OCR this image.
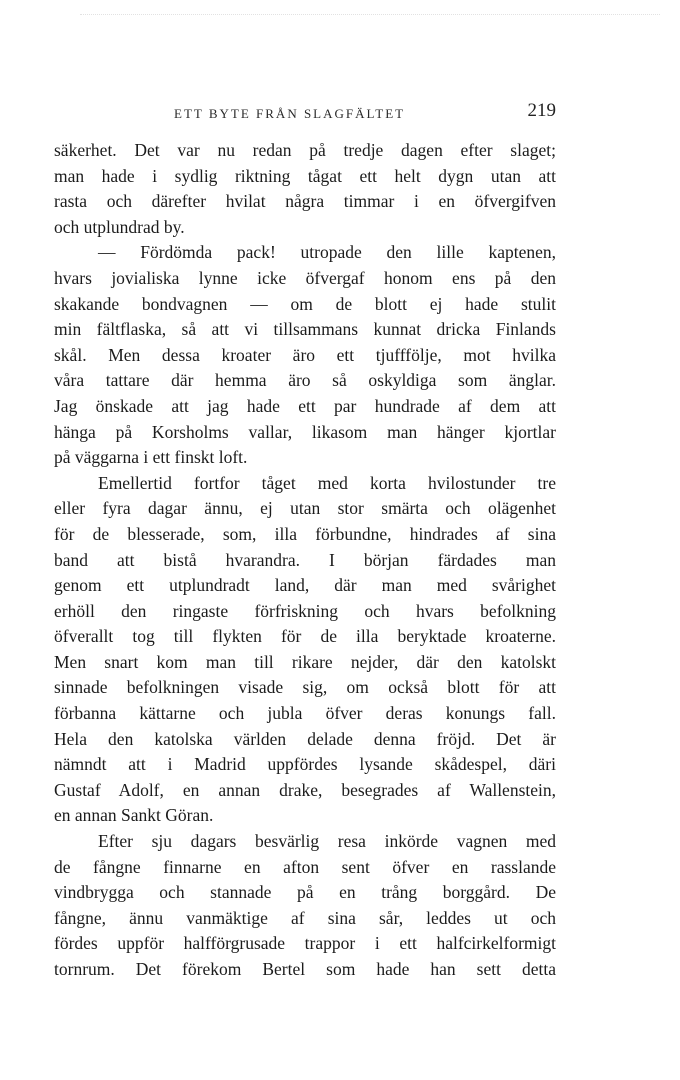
ETT BYTE FRÅN SLAGFÄLTET	219
säkerhet. Det var nu redan på tredje dagen efter slaget;
man hade i sydlig riktning tågat ett helt dygn utan att
rasta och därefter hvilat några timmar i en öfvergifven
och utplundrad by.
— Fördömda pack! utropade den lille kaptenen,
hvars jovialiska lynne icke öfvergaf honom ens på den
skakande bondvagnen — om de blott ej hade stulit
min fältflaska, så att vi tillsammans kunnat dricka Finlands
skål. Men dessa kroater äro ett tjufffölje, mot hvilka
våra tattare där hemma äro så oskyldiga som änglar.
Jag önskade att jag hade ett par hundrade af dem att
hänga på Korsholms vallar, likasom man hänger kjortlar
på väggarna i ett finskt loft.
Emellertid fortfor tåget med korta hvilostunder tre
eller fyra dagar ännu, ej utan stor smärta och olägenhet
för de blesserade, som, illa förbundne, hindrades af sina
band att bistå hvarandra. I början färdades man
genom ett utplundradt land, där man med svårighet
erhöll den ringaste förfriskning och hvars befolkning
öfverallt tog till flykten för de illa beryktade kroaterne.
Men snart kom man till rikare nejder, där den katolskt
sinnade befolkningen visade sig, om också blott för att
förbanna kättarne och jubla öfver deras konungs fall.
Hela den katolska världen delade denna fröjd. Det är
nämndt att i Madrid uppfördes lysande skådespel, däri
Gustaf Adolf, en annan drake, besegrades af Wallenstein,
en annan Sankt Göran.
Efter sju dagars besvärlig resa inkörde vagnen med
de fångne finnarne en afton sent öfver en rasslande
vindbrygga och stannade på en trång borggård. De
fångne, ännu vanmäktige af sina sår, leddes ut och
fördes uppför halfförgrusade trappor i ett halfcirkelformigt
tornrum. Det förekom Bertel som hade han sett detta
